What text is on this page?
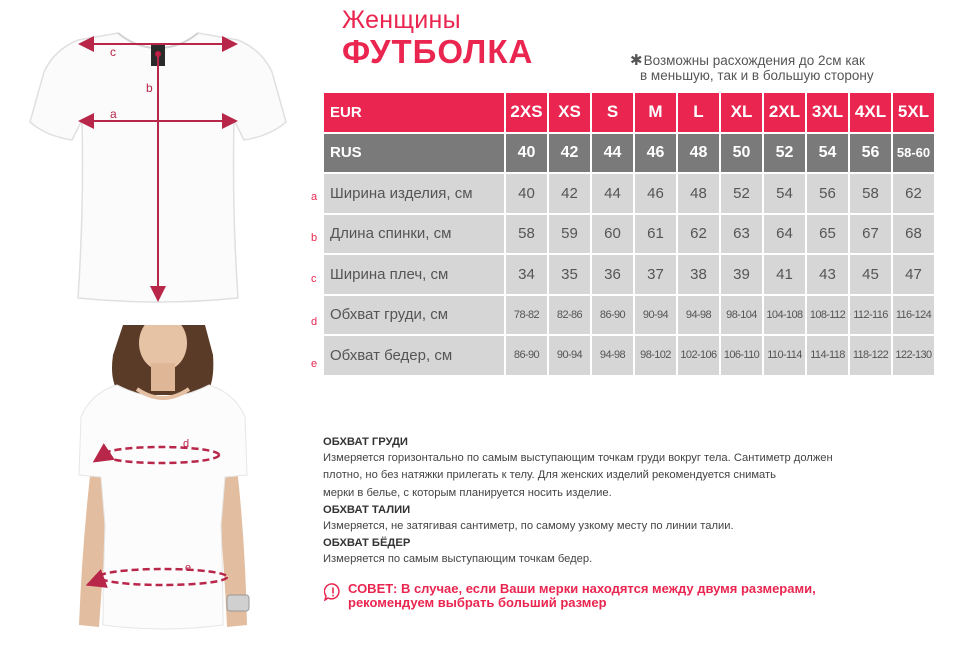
c
a
b
d
e
Женщины
ФУТБОЛКА	✱Возможны расхождения до 2см как
в меньшую, так и в большую сторону
EUR	2XS	XS	S	M	L	XL	2XL	3XL	4XL	5XL
RUS	40	42	44	46	48	50	52	54	56	58-60
Ширина изделия, см	40	42	44	46	48	52	54	56	58	62
Длина спинки, см	58	59	60	61	62	63	64	65	67	68
Ширина плеч, см	34	35	36	37	38	39	41	43	45	47
Обхват груди, см	78-82	82-86	86-90	90-94	94-98	98-104	104-108	108-112	112-116	116-124
Обхват бедер, см	86-90	90-94	94-98	98-102	102-106	106-110	110-114	114-118	118-122	122-130
a
b
c
d
e
ОБХВАТ ГРУДИ
Измеряется горизонтально по самым выступающим точкам груди вокруг тела. Сантиметр должен
плотно, но без натяжки прилегать к телу. Для женских изделий рекомендуется снимать
мерки в белье, с которым планируется носить изделие.
ОБХВАТ ТАЛИИ
Измеряется, не затягивая сантиметр, по самому узкому месту по линии талии.
ОБХВАТ БЁДЕР
Измеряется по самым выступающим точкам бедер.
СОВЕТ: В случае, если Ваши мерки находятся между двумя размерами,
рекомендуем выбрать больший размер
